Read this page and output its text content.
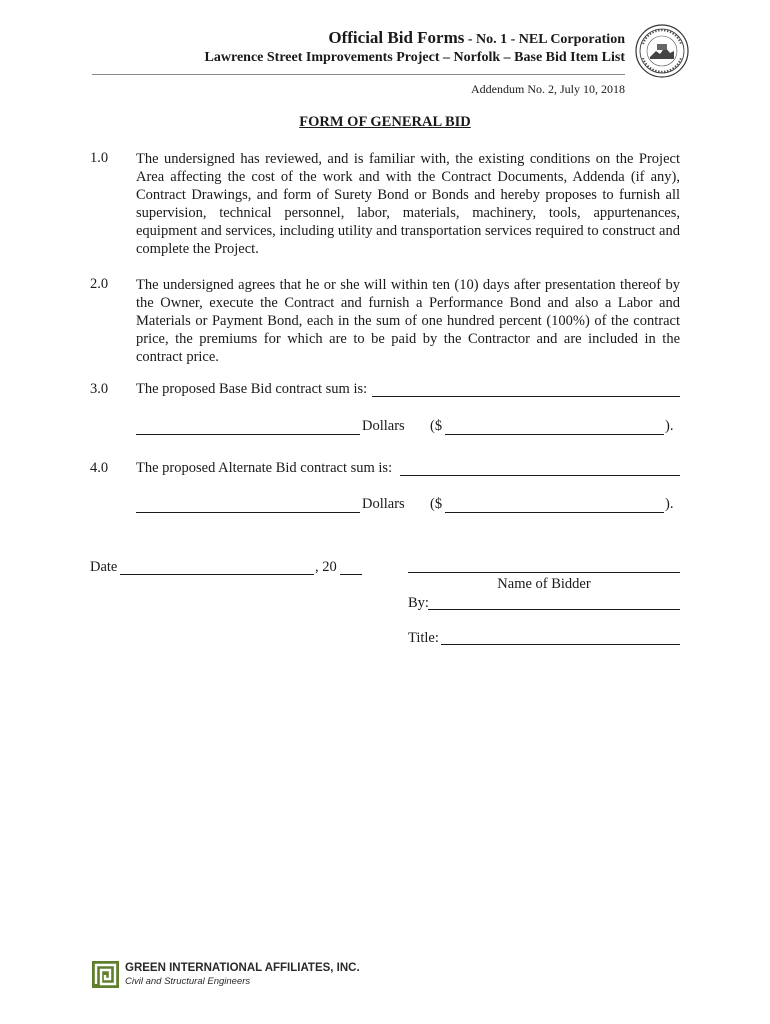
Official Bid Forms - No. 1 - NEL Corporation
Lawrence Street Improvements Project – Norfolk – Base Bid Item List
Addendum No. 2, July 10, 2018
FORM OF GENERAL BID
1.0 The undersigned has reviewed, and is familiar with, the existing conditions on the Project Area affecting the cost of the work and with the Contract Documents, Addenda (if any), Contract Drawings, and form of Surety Bond or Bonds and hereby proposes to furnish all supervision, technical personnel, labor, materials, machinery, tools, appurtenances, equipment and services, including utility and transportation services required to construct and complete the Project.
2.0 The undersigned agrees that he or she will within ten (10) days after presentation thereof by the Owner, execute the Contract and furnish a Performance Bond and also a Labor and Materials or Payment Bond, each in the sum of one hundred percent (100%) of the contract price, the premiums for which are to be paid by the Contractor and are included in the contract price.
3.0 The proposed Base Bid contract sum is:
Dollars ($	).
4.0 The proposed Alternate Bid contract sum is:
Dollars ($	).
Date	, 20
Name of Bidder
By:
Title:
GREEN INTERNATIONAL AFFILIATES, INC.
Civil and Structural Engineers
